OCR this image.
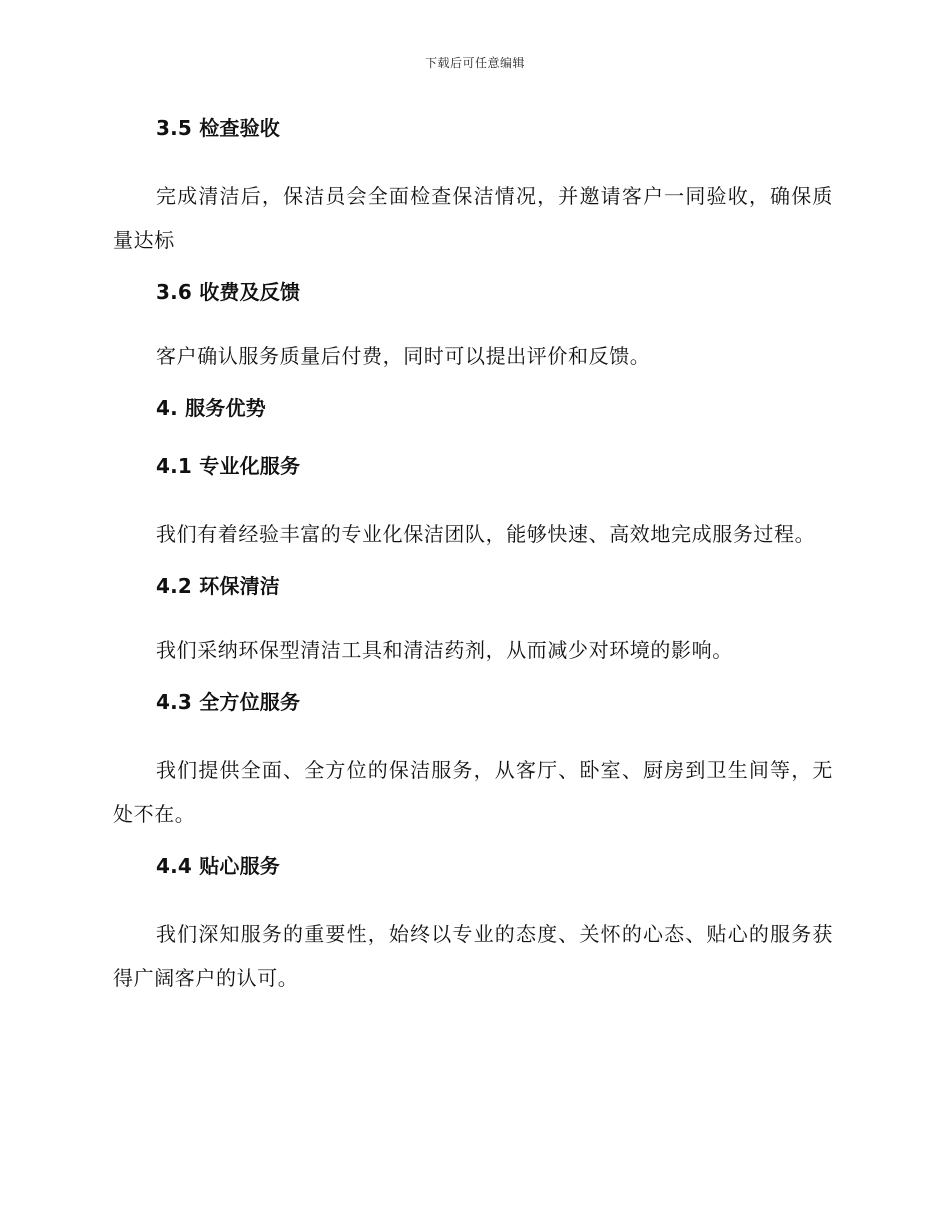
下载后可任意编辑
3.5 检查验收

完成清洁后，保洁员会全面检查保洁情况，并邀请客户一同验收，确保质量达标

3.6 收费及反馈

客户确认服务质量后付费，同时可以提出评价和反馈。

4. 服务优势
4.1 专业化服务

我们有着经验丰富的专业化保洁团队，能够快速、高效地完成服务过程。

4.2 环保清洁

我们采纳环保型清洁工具和清洁药剂，从而减少对环境的影响。

4.3 全方位服务

我们提供全面、全方位的保洁服务，从客厅、卧室、厨房到卫生间等，无处不在。

4.4 贴心服务

我们深知服务的重要性，始终以专业的态度、关怀的心态、贴心的服务获得广阔客户的认可。
